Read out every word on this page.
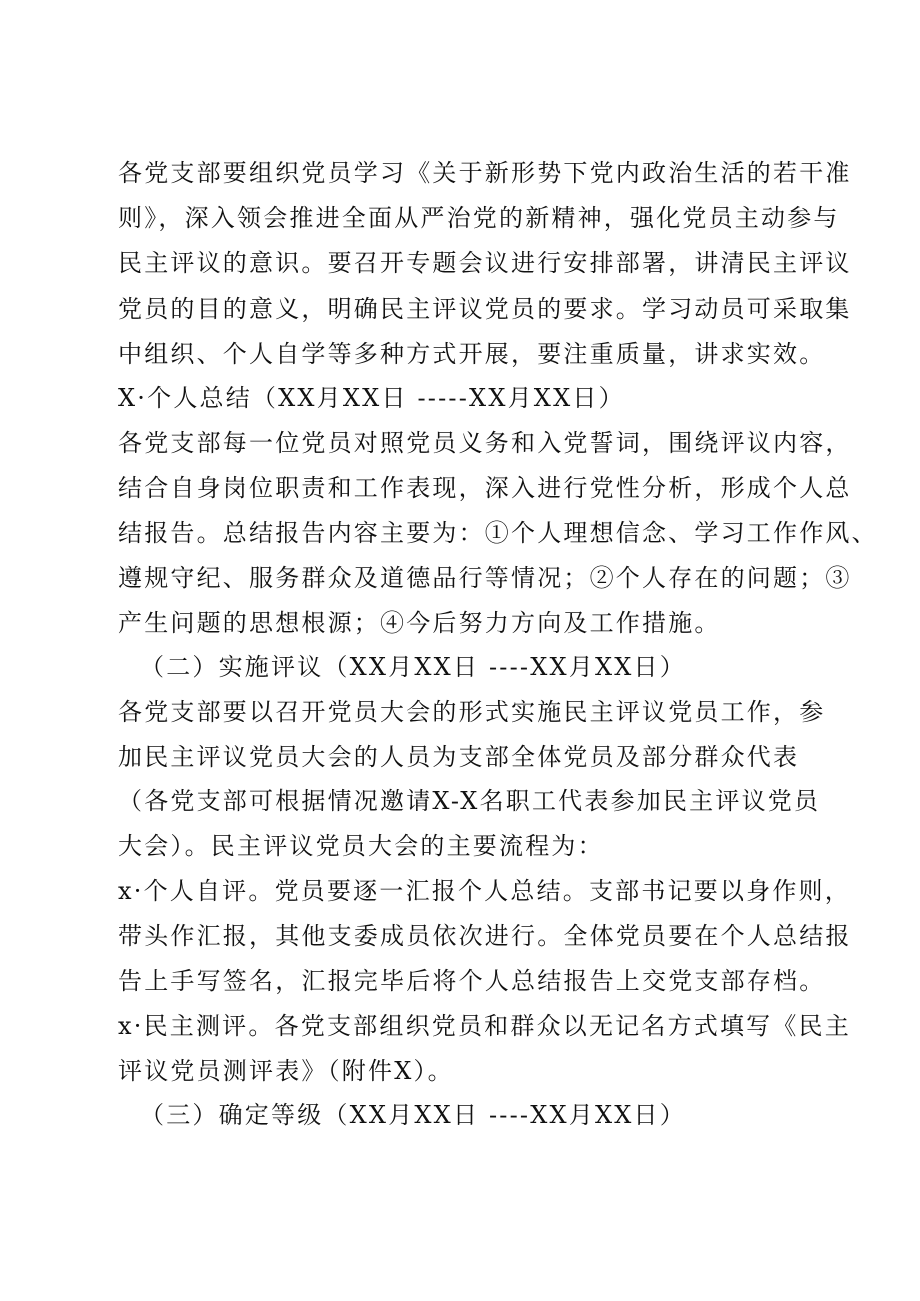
各党支部要组织党员学习《关于新形势下党内政治生活的若干准
则》，深入领会推进全面从严治党的新精神，强化党员主动参与
民主评议的意识。要召开专题会议进行安排部署，讲清民主评议
党员的目的意义，明确民主评议党员的要求。学习动员可采取集
中组织、个人自学等多种方式开展，要注重质量，讲求实效。
X·个人总结（XX月XX日 -----XX月XX日）
各党支部每一位党员对照党员义务和入党誓词，围绕评议内容，
结合自身岗位职责和工作表现，深入进行党性分析，形成个人总
结报告。总结报告内容主要为：①个人理想信念、学习工作作风、
遵规守纪、服务群众及道德品行等情况；②个人存在的问题；③
产生问题的思想根源；④今后努力方向及工作措施。
（二）实施评议（XX月XX日 ----XX月XX日）
各党支部要以召开党员大会的形式实施民主评议党员工作，参
加民主评议党员大会的人员为支部全体党员及部分群众代表
（各党支部可根据情况邀请X-X名职工代表参加民主评议党员
大会）。民主评议党员大会的主要流程为：
x·个人自评。党员要逐一汇报个人总结。支部书记要以身作则，
带头作汇报，其他支委成员依次进行。全体党员要在个人总结报
告上手写签名，汇报完毕后将个人总结报告上交党支部存档。
x·民主测评。各党支部组织党员和群众以无记名方式填写《民主
评议党员测评表》（附件X）。
（三）确定等级（XX月XX日 ----XX月XX日）
